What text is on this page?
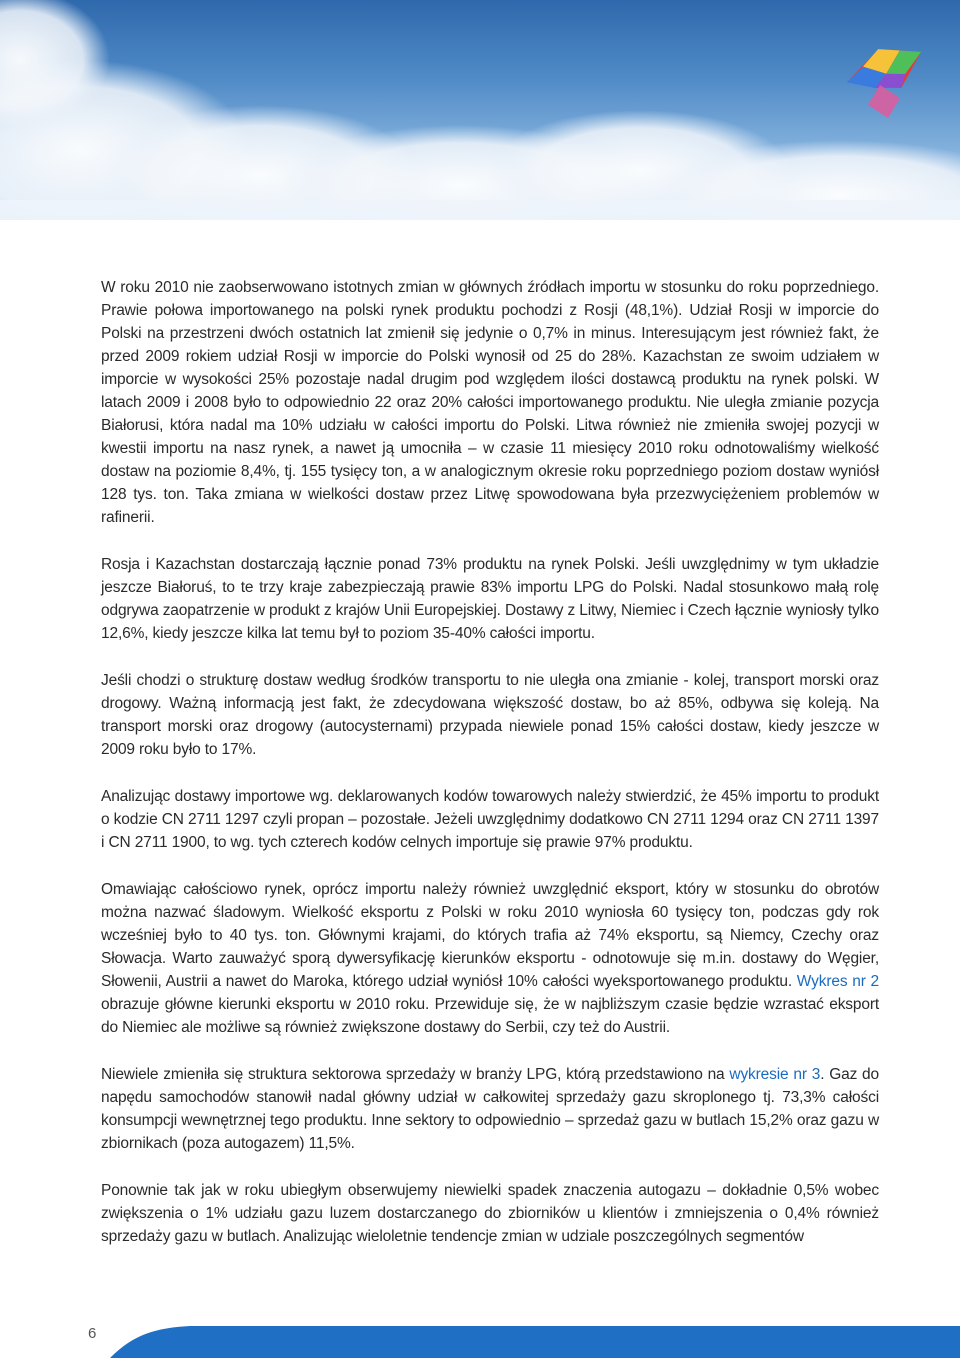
W roku 2010 nie zaobserwowano istotnych zmian w głównych źródłach importu w stosunku do roku poprzedniego. Prawie połowa importowanego na polski rynek produktu pochodzi z Rosji (48,1%). Udział Rosji w imporcie do Polski na przestrzeni dwóch ostatnich lat zmienił się jedynie o 0,7% in minus. Interesującym jest również fakt, że przed 2009 rokiem udział Rosji w imporcie do Polski wynosił od 25 do 28%. Kazachstan ze swoim udziałem w imporcie w wysokości 25% pozostaje nadal drugim pod względem ilości dostawcą produktu na rynek polski. W latach 2009 i 2008 było to odpowiednio 22 oraz 20% całości importowanego produktu. Nie uległa zmianie pozycja Białorusi, która nadal ma 10% udziału w całości importu do Polski. Litwa również nie zmieniła swojej pozycji w kwestii importu na nasz rynek, a nawet ją umocniła – w czasie 11 miesięcy 2010 roku odnotowaliśmy wielkość dostaw na poziomie 8,4%, tj. 155 tysięcy ton, a w analogicznym okresie roku poprzedniego poziom dostaw wyniósł 128 tys. ton. Taka zmiana w wielkości dostaw przez Litwę spowodowana była przezwyciężeniem problemów w rafinerii.

Rosja i Kazachstan dostarczają łącznie ponad 73% produktu na rynek Polski. Jeśli uwzględnimy w tym układzie jeszcze Białoruś, to te trzy kraje zabezpieczają prawie 83% importu LPG do Polski. Nadal stosunkowo małą rolę odgrywa zaopatrzenie w produkt z krajów Unii Europejskiej. Dostawy z Litwy, Niemiec i Czech łącznie wyniosły tylko 12,6%, kiedy jeszcze kilka lat temu był to poziom 35-40% całości importu.

Jeśli chodzi o strukturę dostaw według środków transportu to nie uległa ona zmianie - kolej, transport morski oraz drogowy. Ważną informacją jest fakt, że zdecydowana większość dostaw, bo aż 85%, odbywa się koleją. Na transport morski oraz drogowy (autocysternami) przypada niewiele ponad 15% całości dostaw, kiedy jeszcze w 2009 roku było to 17%.

Analizując dostawy importowe wg. deklarowanych kodów towarowych należy stwierdzić, że 45% importu to produkt o kodzie CN 2711 1297 czyli propan – pozostałe. Jeżeli uwzględnimy dodatkowo CN 2711 1294 oraz CN 2711 1397 i CN 2711 1900, to wg. tych czterech kodów celnych importuje się prawie 97% produktu.

Omawiając całościowo rynek, oprócz importu należy również uwzględnić eksport, który w stosunku do obrotów można nazwać śladowym. Wielkość eksportu z Polski w roku 2010 wyniosła 60 tysięcy ton, podczas gdy rok wcześniej było to 40 tys. ton. Głównymi krajami, do których trafia aż 74% eksportu, są Niemcy, Czechy oraz Słowacja. Warto zauważyć sporą dywersyfikację kierunków eksportu - odnotowuje się m.in. dostawy do Węgier, Słowenii, Austrii a nawet do Maroka, którego udział wyniósł 10% całości wyeksportowanego produktu. Wykres nr 2 obrazuje główne kierunki eksportu w 2010 roku. Przewiduje się, że w najbliższym czasie będzie wzrastać eksport do Niemiec ale możliwe są również zwiększone dostawy do Serbii, czy też do Austrii.

Niewiele zmieniła się struktura sektorowa sprzedaży w branży LPG, którą przedstawiono na wykresie nr 3. Gaz do napędu samochodów stanowił nadal główny udział w całkowitej sprzedaży gazu skroplonego tj. 73,3% całości konsumpcji wewnętrznej tego produktu. Inne sektory to odpowiednio – sprzedaż gazu w butlach 15,2% oraz gazu w zbiornikach (poza autogazem) 11,5%.

Ponownie tak jak w roku ubiegłym obserwujemy niewielki spadek znaczenia autogazu – dokładnie 0,5% wobec zwiększenia o 1% udziału gazu luzem dostarczanego do zbiorników u klientów i zmniejszenia o 0,4% również sprzedaży gazu w butlach. Analizując wieloletnie tendencje zmian w udziale poszczególnych segmentów

6
